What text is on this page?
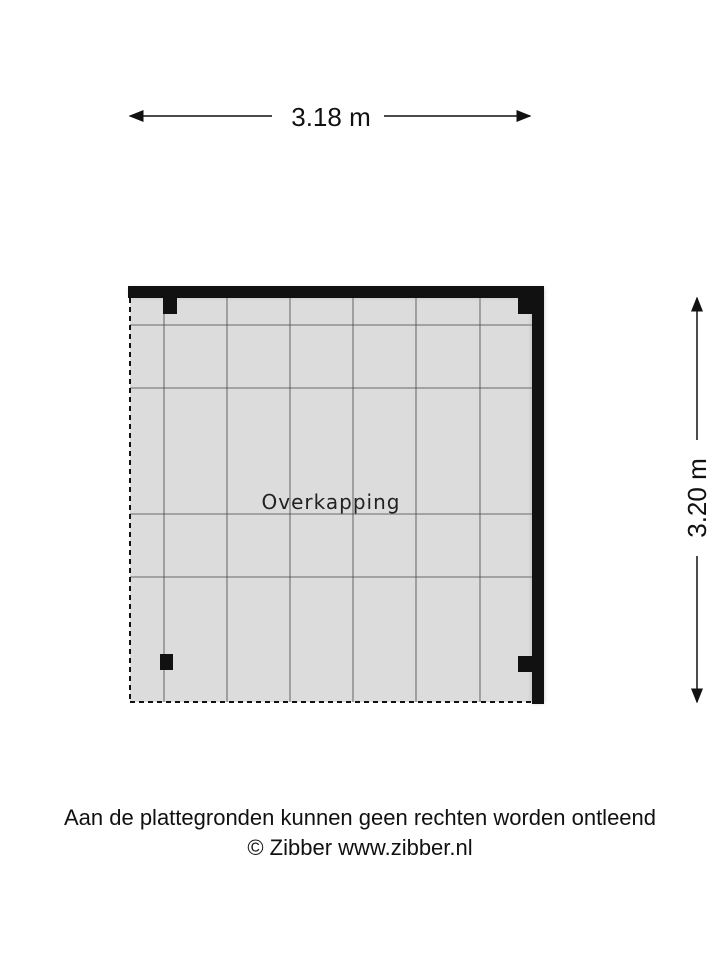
3.18 m
3.20 m
Overkapping
Aan de plattegronden kunnen geen rechten worden ontleend
© Zibber www.zibber.nl
